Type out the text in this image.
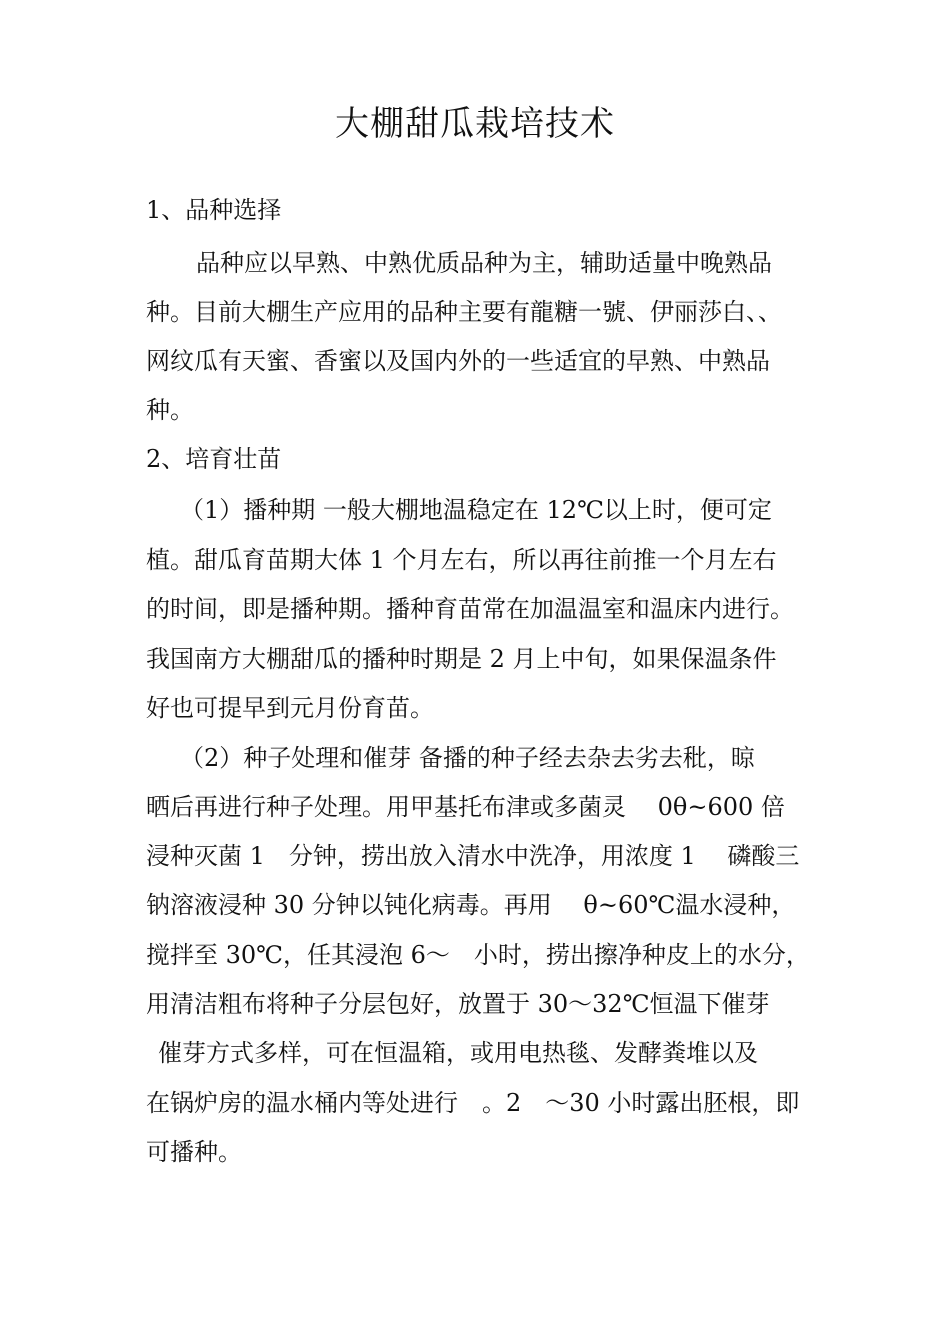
大棚甜瓜栽培技术
1、品种选择
品种应以早熟、中熟优质品种为主，辅助适量中晚熟品
种。目前大棚生产应用的品种主要有龍糖一號、伊丽莎白、、
网纹瓜有天蜜、香蜜以及国内外的一些适宜的早熟、中熟品
种。
2、培育壮苗
（1）播种期 一般大棚地温稳定在 12℃以上时，便可定
植。甜瓜育苗期大体 1 个月左右，所以再往前推一个月左右
的时间，即是播种期。播种育苗常在加温温室和温床内进行。
我国南方大棚甜瓜的播种时期是 2 月上中旬，如果保温条件
好也可提早到元月份育苗。
（2）种子处理和催芽 备播的种子经去杂去劣去秕，晾
晒后再进行种子处理。用甲基托布津或多菌灵　 0θ~600 倍
浸种灭菌 1　分钟，捞出放入清水中洗净，用浓度 1　 磷酸三
钠溶液浸种 30 分钟以钝化病毒。再用　 θ~60℃温水浸种，
搅拌至 30℃，任其浸泡 6～　小时，捞出擦净种皮上的水分，
用清洁粗布将种子分层包好，放置于 30～32℃恒温下催芽
催芽方式多样，可在恒温箱，或用电热毯、发酵粪堆以及
在锅炉房的温水桶内等处进行　。2　～30 小时露出胚根，即
可播种。
